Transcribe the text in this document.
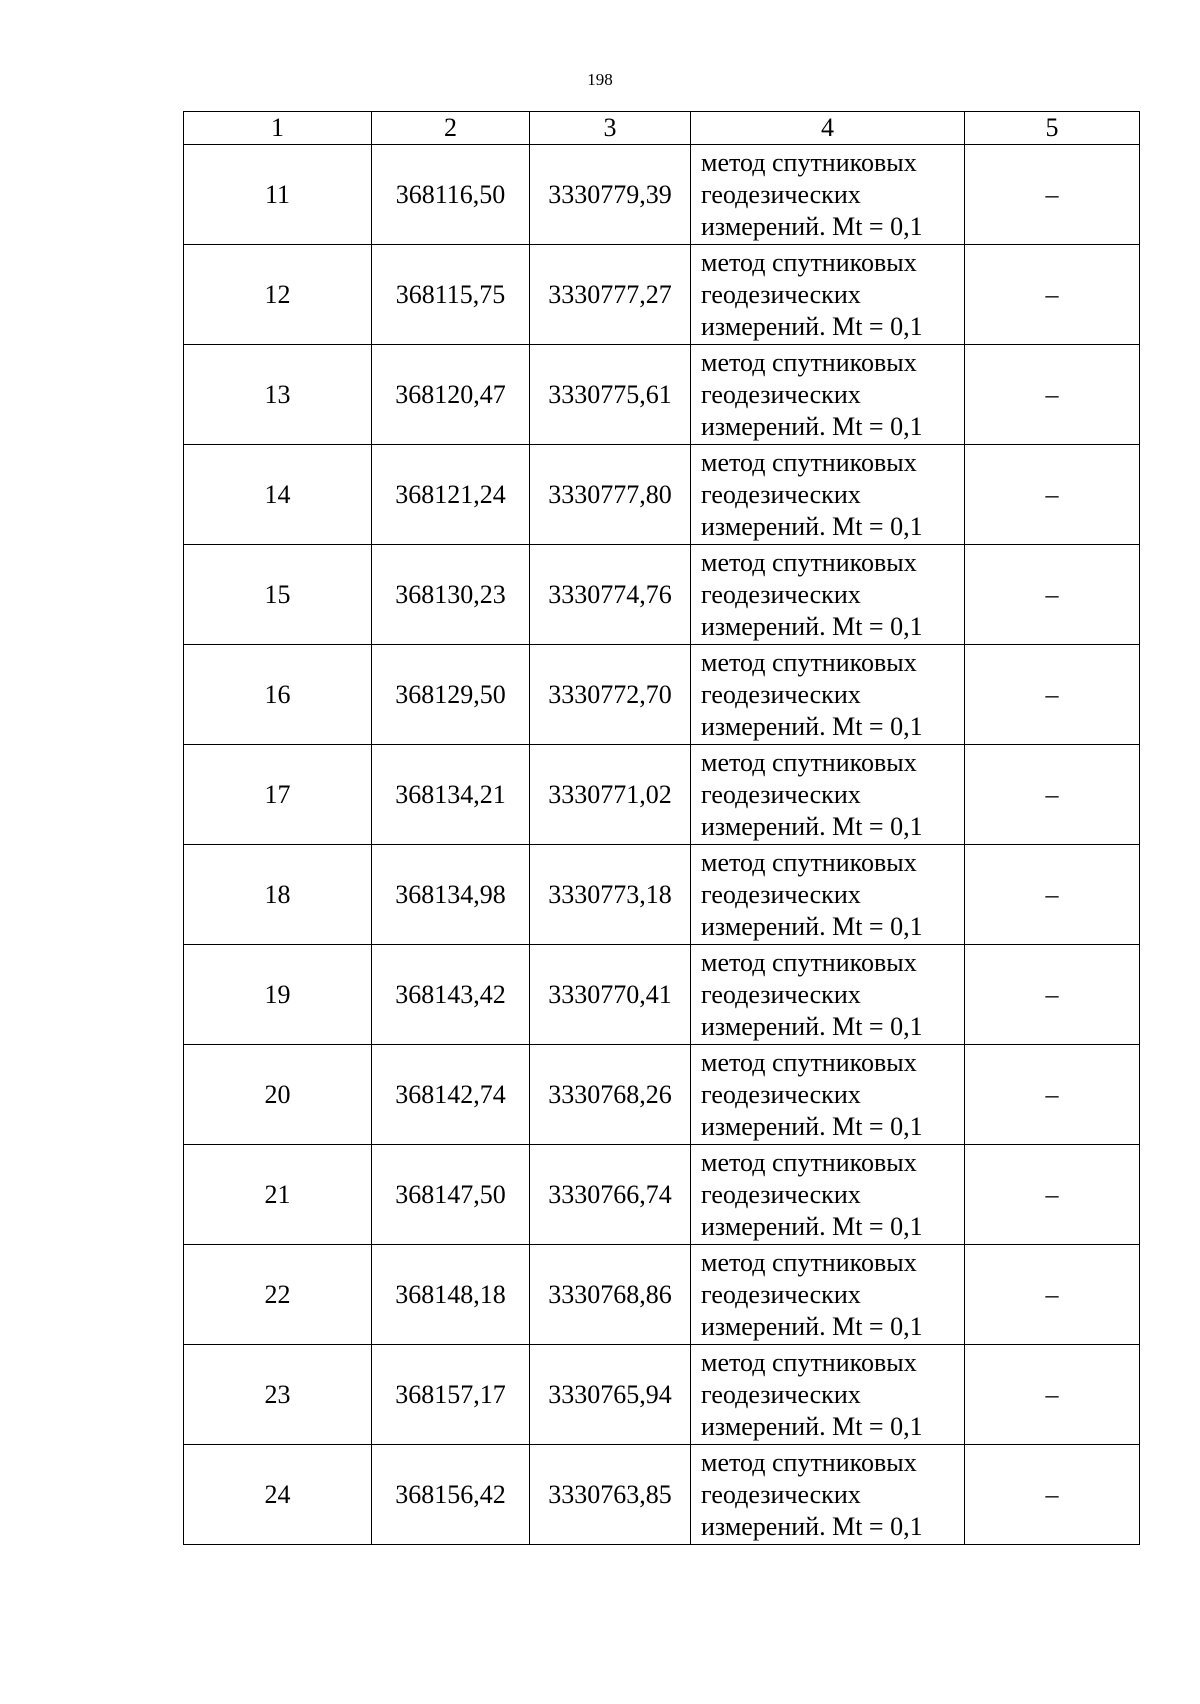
198
1	2	3	4	5
11	368116,50	3330779,39	метод спутниковых
геодезических
измерений. Mt = 0,1	–
12	368115,75	3330777,27	метод спутниковых
геодезических
измерений. Mt = 0,1	–
13	368120,47	3330775,61	метод спутниковых
геодезических
измерений. Mt = 0,1	–
14	368121,24	3330777,80	метод спутниковых
геодезических
измерений. Mt = 0,1	–
15	368130,23	3330774,76	метод спутниковых
геодезических
измерений. Mt = 0,1	–
16	368129,50	3330772,70	метод спутниковых
геодезических
измерений. Mt = 0,1	–
17	368134,21	3330771,02	метод спутниковых
геодезических
измерений. Mt = 0,1	–
18	368134,98	3330773,18	метод спутниковых
геодезических
измерений. Mt = 0,1	–
19	368143,42	3330770,41	метод спутниковых
геодезических
измерений. Mt = 0,1	–
20	368142,74	3330768,26	метод спутниковых
геодезических
измерений. Mt = 0,1	–
21	368147,50	3330766,74	метод спутниковых
геодезических
измерений. Mt = 0,1	–
22	368148,18	3330768,86	метод спутниковых
геодезических
измерений. Mt = 0,1	–
23	368157,17	3330765,94	метод спутниковых
геодезических
измерений. Mt = 0,1	–
24	368156,42	3330763,85	метод спутниковых
геодезических
измерений. Mt = 0,1	–
